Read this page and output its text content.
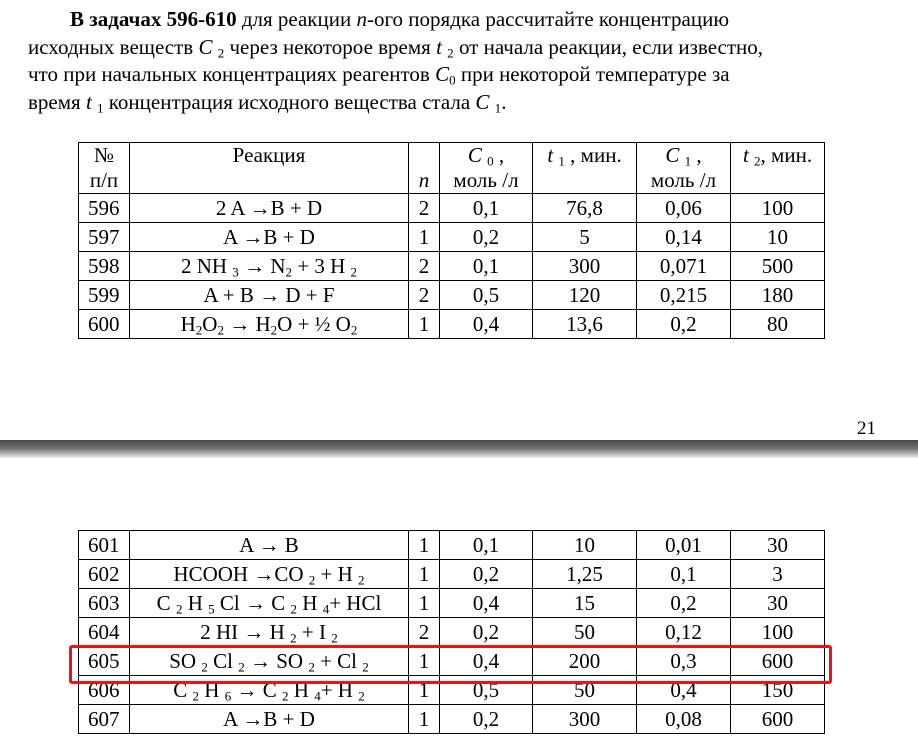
В задачах 596-610 для реакции n-ого порядка рассчитайте концентрацию

исходных веществ C $_2$ через некоторое время t $_2$ от начала реакции, если известно,

что при начальных концентрациях реагентов $C_0$ при некоторой температуре за

время t $_1$ концентрация исходного вещества стала C $_1$.

№	Реакция		C $_0$ ,	t $_1$ , мин.	C $_1$ ,	t $_2$, мин.
п/п		n	моль /л		моль /л	
596	2 A →B + D	2	0,1	76,8	0,06	100
597	A →B + D	1	0,2	5	0,14	10
598	2 NH $_3 \to N_2 + 3$ H $_2$	2	0,1	300	0,071	500
599	A + B → D + F	2	0,5	120	0,215	180
600	$H_2O_2 \to H_2O$ + ½ $O_2$	1	0,4	13,6	0,2	80
21
601	A → B	1	0,1	10	0,01	30
602	HCOOH →CO $_2$ + H $_2$	1	0,2	1,25	0,1	3
603	C $_2$ H $_5$ Cl → C $_2$ H $_4$+ HCl	1	0,4	15	0,2	30
604	2 HI → H $_2$ + I $_2$	2	0,2	50	0,12	100
605	SO $_2$ Cl $_2$ → SO $_2$ + Cl $_2$	1	0,4	200	0,3	600
606	C $_2$ H $_6$ → C $_2$ H $_4$+ H $_2$	1	0,5	50	0,4	150
607	A →B + D	1	0,2	300	0,08	600
